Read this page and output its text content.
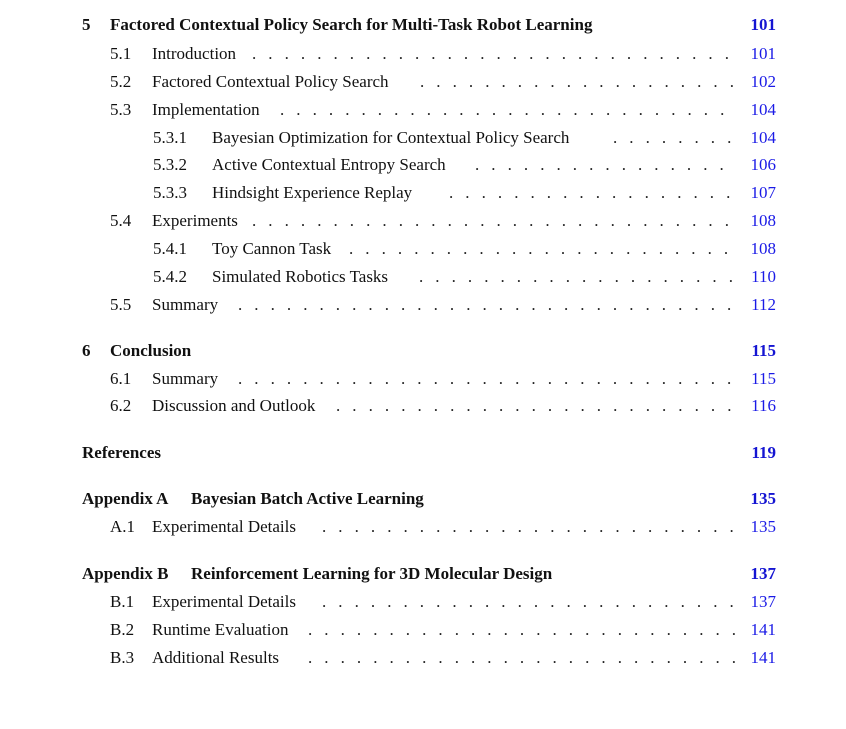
5 Factored Contextual Policy Search for Multi-Task Robot Learning	101
5.1 Introduction . . .	101
5.2 Factored Contextual Policy Search . . .	102
5.3 Implementation . . .	104
5.3.1 Bayesian Optimization for Contextual Policy Search . . .	104
5.3.2 Active Contextual Entropy Search . . .	106
5.3.3 Hindsight Experience Replay . . .	107
5.4 Experiments . . .	108
5.4.1 Toy Cannon Task . . .	108
5.4.2 Simulated Robotics Tasks . . .	110
5.5 Summary . . .	112
6 Conclusion	115
6.1 Summary . . .	115
6.2 Discussion and Outlook . . .	116
References	119
Appendix A Bayesian Batch Active Learning	135
A.1 Experimental Details . . .	135
Appendix B Reinforcement Learning for 3D Molecular Design	137
B.1 Experimental Details . . .	137
B.2 Runtime Evaluation . . .	141
B.3 Additional Results . . .	141
